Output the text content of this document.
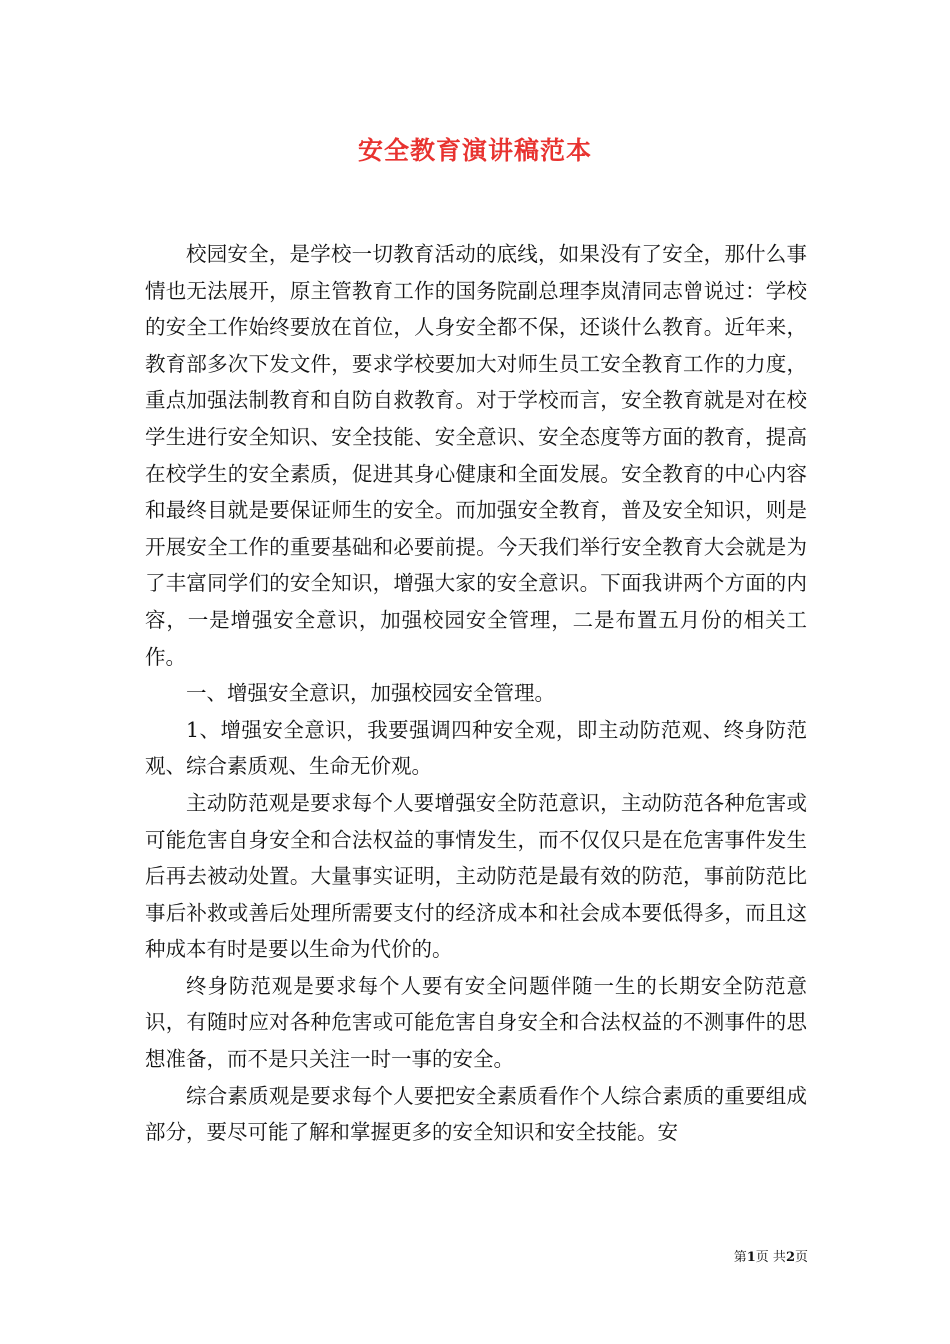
安全教育演讲稿范本

校园安全，是学校一切教育活动的底线，如果没有了安全，那什么事情也无法展开，原主管教育工作的国务院副总理李岚清同志曾说过：学校的安全工作始终要放在首位，人身安全都不保，还谈什么教育。近年来，教育部多次下发文件，要求学校要加大对师生员工安全教育工作的力度，重点加强法制教育和自防自救教育。对于学校而言，安全教育就是对在校学生进行安全知识、安全技能、安全意识、安全态度等方面的教育，提高在校学生的安全素质，促进其身心健康和全面发展。安全教育的中心内容和最终目就是要保证师生的安全。而加强安全教育，普及安全知识，则是开展安全工作的重要基础和必要前提。今天我们举行安全教育大会就是为了丰富同学们的安全知识，增强大家的安全意识。下面我讲两个方面的内容，一是增强安全意识，加强校园安全管理，二是布置五月份的相关工作。

一、增强安全意识，加强校园安全管理。

1、增强安全意识，我要强调四种安全观，即主动防范观、终身防范观、综合素质观、生命无价观。

主动防范观是要求每个人要增强安全防范意识，主动防范各种危害或可能危害自身安全和合法权益的事情发生，而不仅仅只是在危害事件发生后再去被动处置。大量事实证明，主动防范是最有效的防范，事前防范比事后补救或善后处理所需要支付的经济成本和社会成本要低得多，而且这种成本有时是要以生命为代价的。

终身防范观是要求每个人要有安全问题伴随一生的长期安全防范意识，有随时应对各种危害或可能危害自身安全和合法权益的不测事件的思想准备，而不是只关注一时一事的安全。

综合素质观是要求每个人要把安全素质看作个人综合素质的重要组成部分，要尽可能了解和掌握更多的安全知识和安全技能。安

第1页 共2页
